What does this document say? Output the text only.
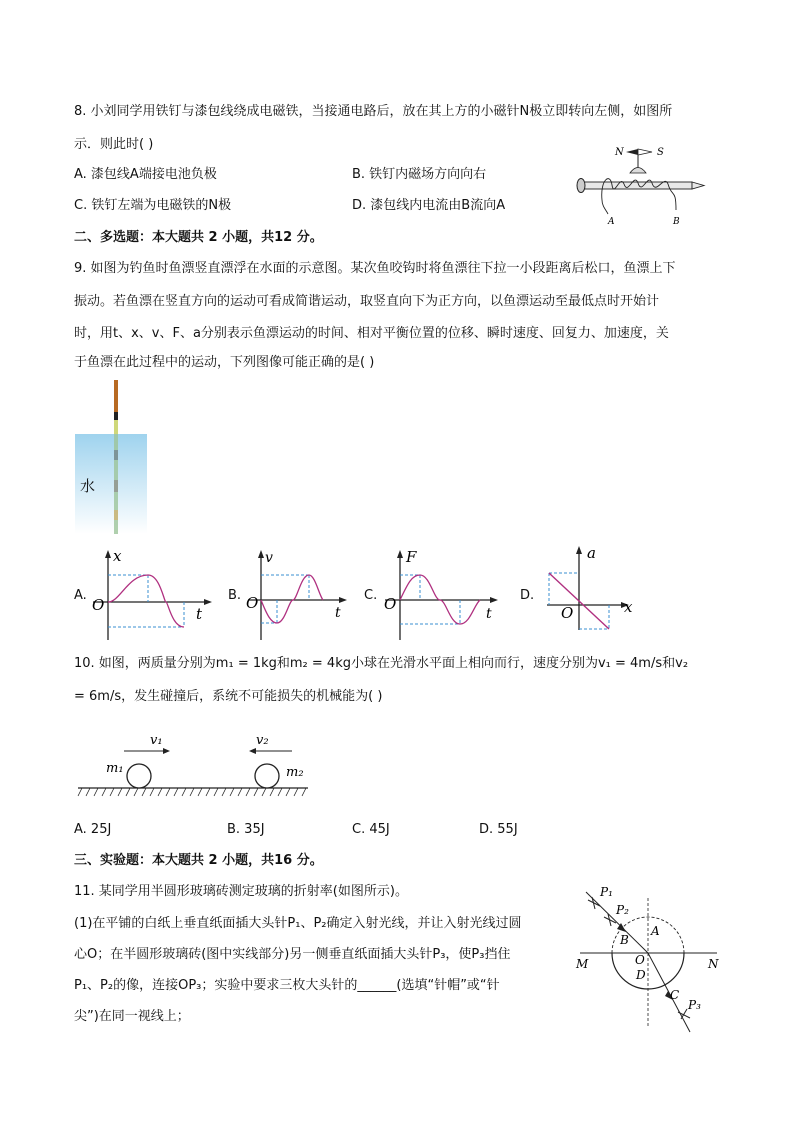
8. 小刘同学用铁钉与漆包线绕成电磁铁，当接通电路后，放在其上方的小磁针N极立即转向左侧，如图所
示．则此时( )
A. 漆包线A端接电池负极	B. 铁钉内磁场方向向右
C. 铁钉左端为电磁铁的N极	D. 漆包线内电流由B流向A
N	S
A	B
二、多选题：本大题共 2 小题，共12 分。
9. 如图为钓鱼时鱼漂竖直漂浮在水面的示意图。某次鱼咬钩时将鱼漂往下拉一小段距离后松口，鱼漂上下
振动。若鱼漂在竖直方向的运动可看成简谐运动，取竖直向下为正方向，以鱼漂运动至最低点时开始计
时，用t、x、v、F、a分别表示鱼漂运动的时间、相对平衡位置的位移、瞬时速度、回复力、加速度，关
于鱼漂在此过程中的运动，下列图像可能正确的是( )
水
A.
x
t
O
B.
v
t
O	C.
F
t
O	D.
a
x
O
10. 如图，两质量分别为m₁ = 1kg和m₂ = 4kg小球在光滑水平面上相向而行，速度分别为v₁ = 4m/s和v₂
= 6m/s，发生碰撞后，系统不可能损失的机械能为( )
v₁	v₂
m₁	m₂
A. 25J	B. 35J	C. 45J	D. 55J
三、实验题：本大题共 2 小题，共16 分。
11. 某同学用半圆形玻璃砖测定玻璃的折射率(如图所示)。
(1)在平铺的白纸上垂直纸面插大头针P₁、P₂确定入射光线，并让入射光线过圆
心O；在半圆形玻璃砖(图中实线部分)另一侧垂直纸面插大头针P₃，使P₃挡住
P₁、P₂的像，连接OP₃；实验中要求三枚大头针的______(选填“针帽”或“针
尖”)在同一视线上；
P₁
P₂
P₃
B
A
O
D
C
M	N
